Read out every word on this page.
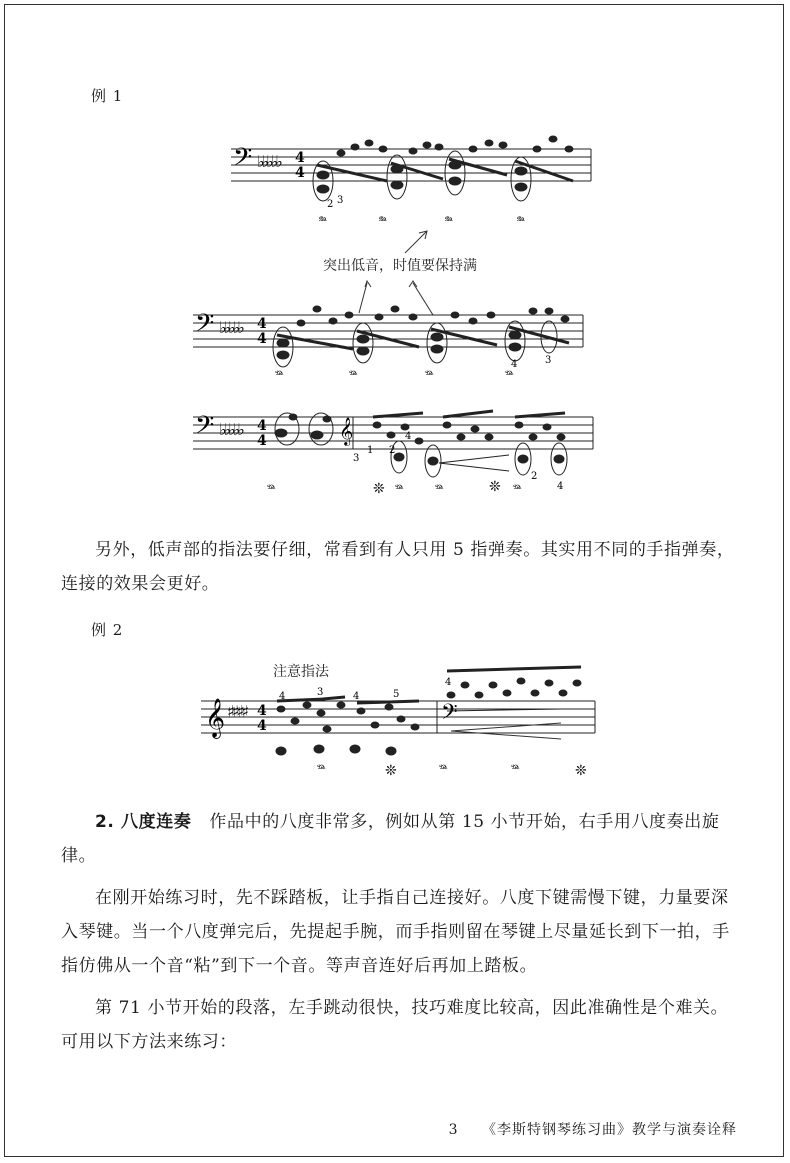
例 1
𝄢 ♭♭♭♭♭ 4
4
2 3
𝆮	𝆮	𝆮	𝆮
突出低音，时值要保持满
𝄢 ♭♭♭♭♭ 4
4
4	3
𝆮	𝆮	𝆮	𝆮
𝄢 ♭♭♭♭♭ 4
4	𝄞
3
1 2
4
2
4
𝆮	❊ 𝆮 𝆮	❊ 𝆮
另外，低声部的指法要仔细，常看到有人只用 5 指弹奏。其实用不同的手指弹奏，连接的效果会更好。
例 2
注意指法
𝄞 ♯♯♯♯ 4
4	𝄢
4	3	4	5
4
𝆮	❊	𝆮	𝆮	❊
2. 八度连奏 作品中的八度非常多，例如从第 15 小节开始，右手用八度奏出旋律。
在刚开始练习时，先不踩踏板，让手指自己连接好。八度下键需慢下键，力量要深入琴键。当一个八度弹完后，先提起手腕，而手指则留在琴键上尽量延长到下一拍，手指仿佛从一个音“粘”到下一个音。等声音连好后再加上踏板。
第 71 小节开始的段落，左手跳动很快，技巧难度比较高，因此准确性是个难关。可用以下方法来练习：
3 《李斯特钢琴练习曲》教学与演奏诠释
